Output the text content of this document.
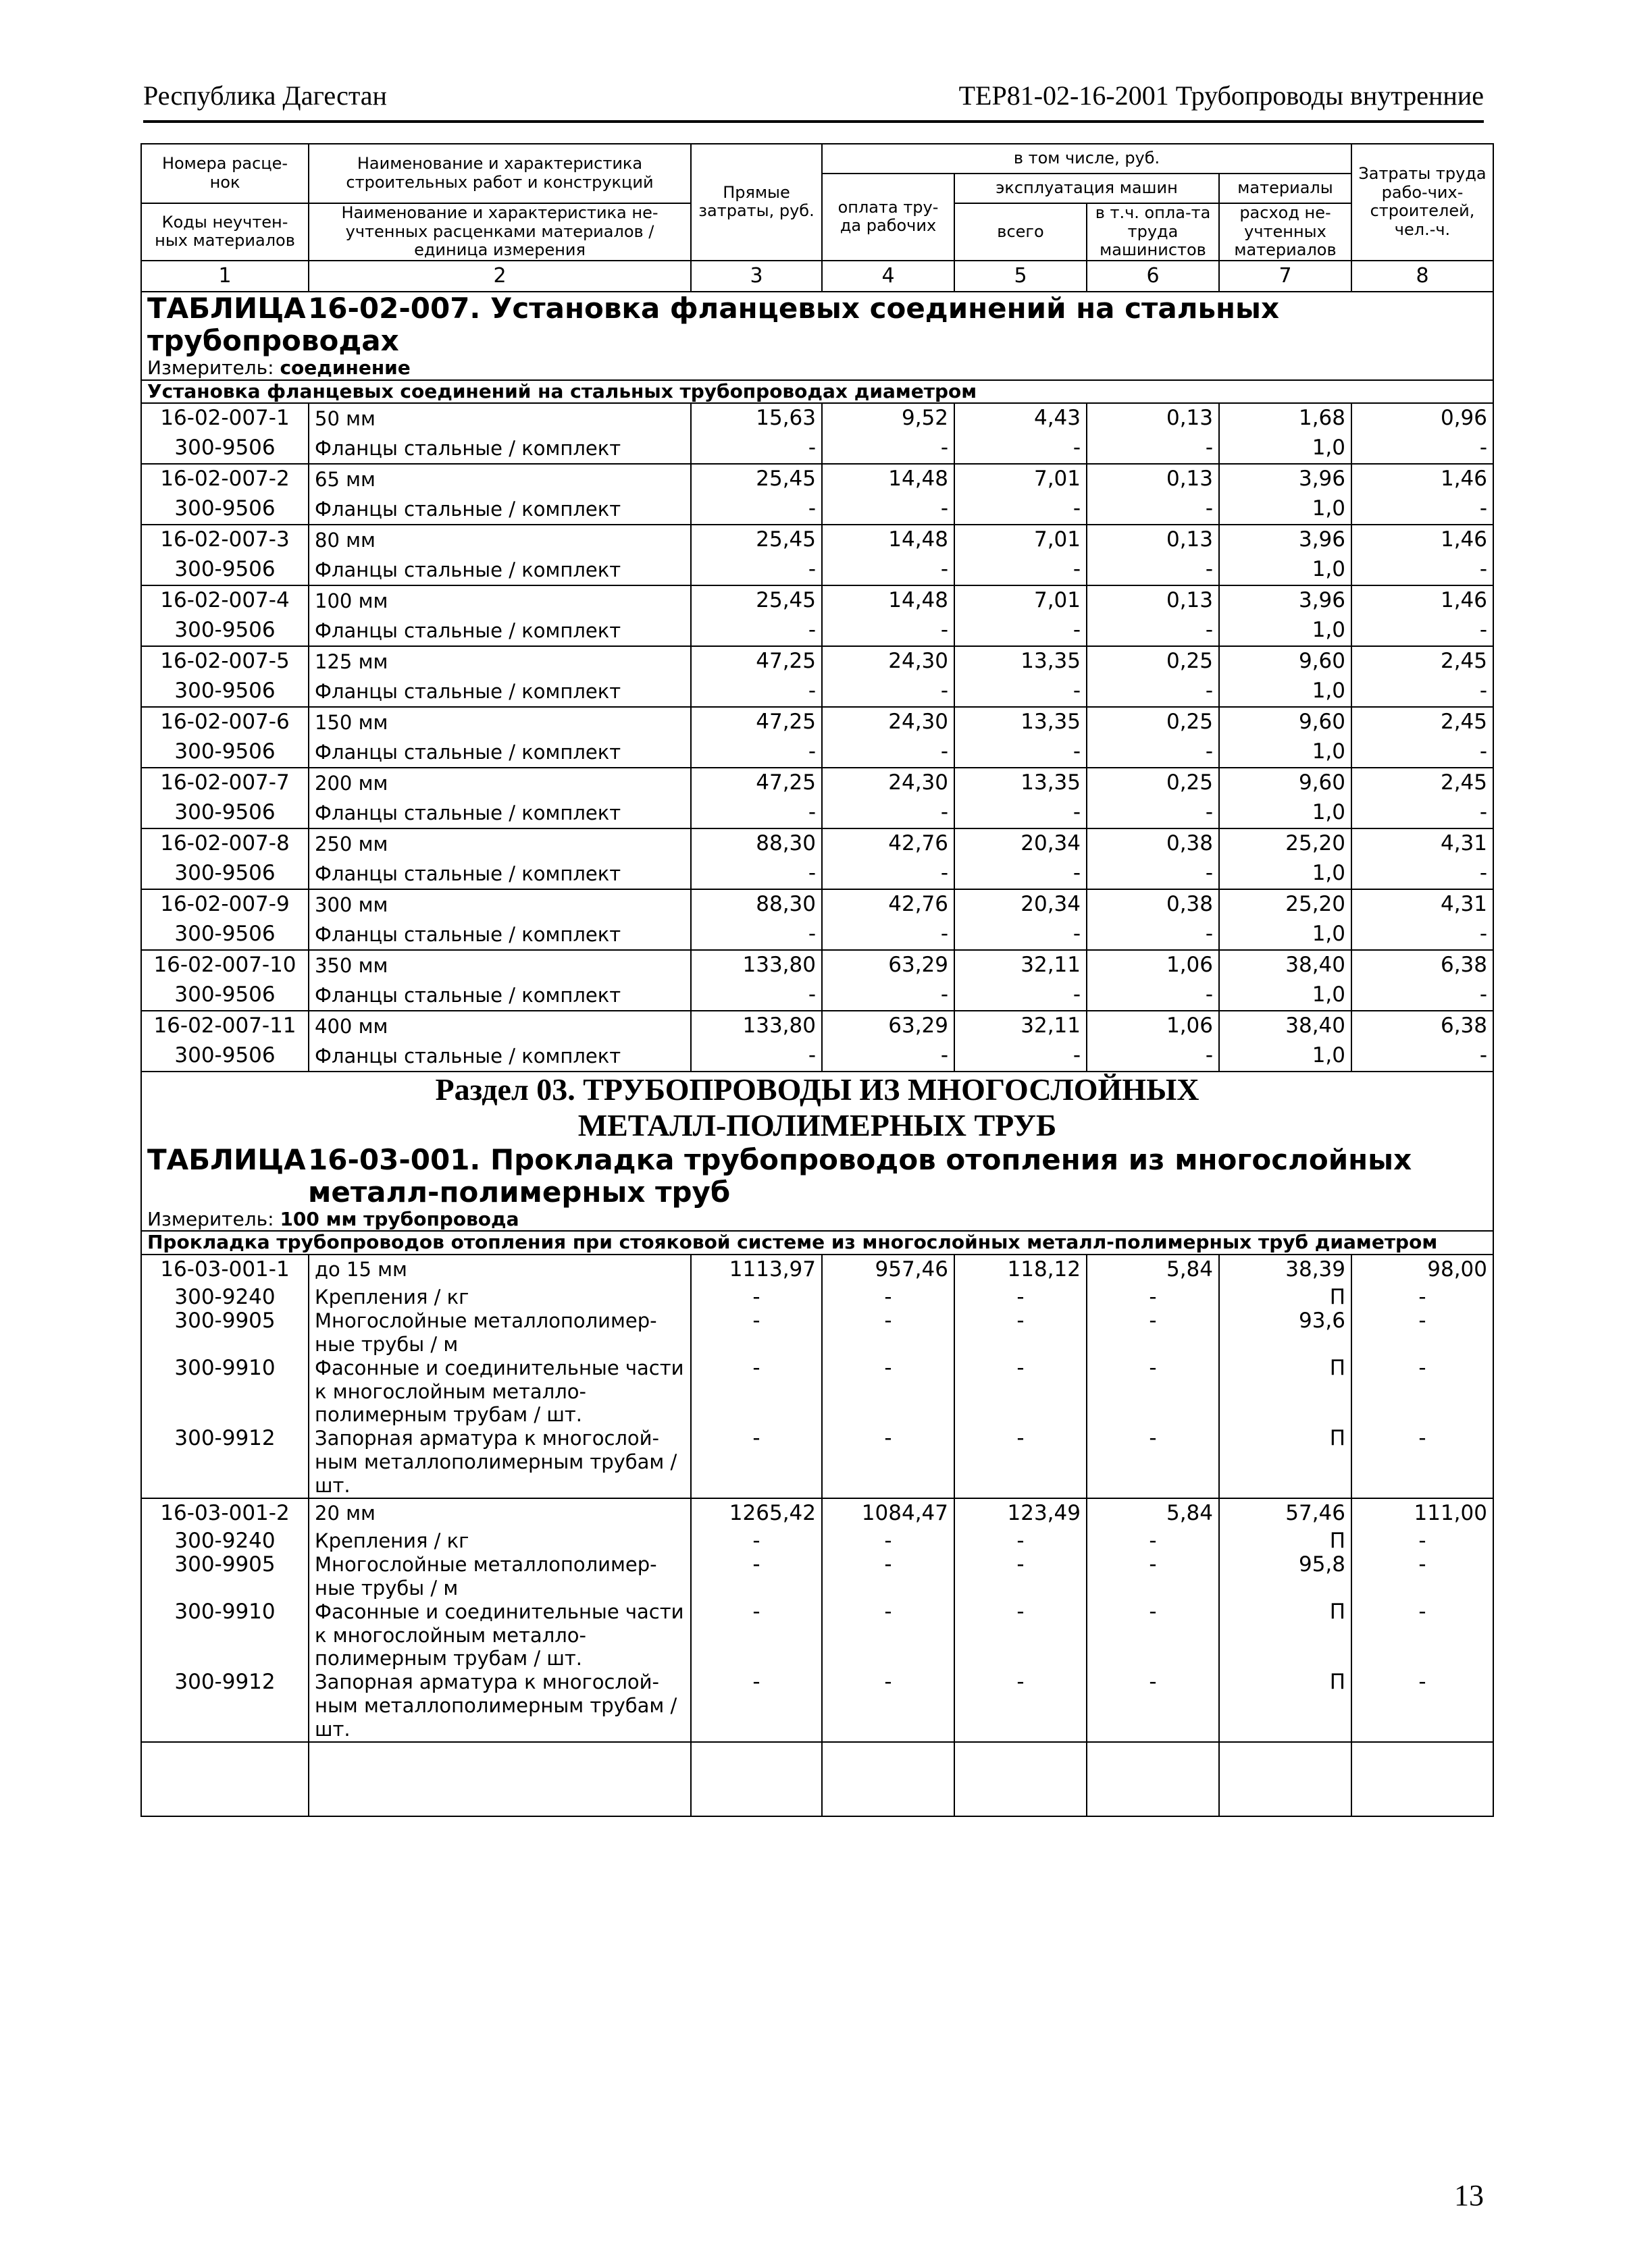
Республика Дагестан	ТЕР81-02-16-2001 Трубопроводы внутренние
Номера расце-нок	Наименование и характеристика строительных работ и конструкций	Прямые затраты, руб.	в том числе, руб.				Затраты труда рабо-чих-строителей, чел.-ч.
			оплата тру-да рабочих	эксплуатация машин		материалы	
Коды неучтен-ных материалов	Наименование и характеристика не-учтенных расценками материалов / единица измерения			всего	в т.ч. опла-та труда машинистов	расход не-учтенных материалов	

1	2	3	4	5	6	7	8
ТАБЛИЦА16-02-007. Установка фланцевых соединений на стальных трубопроводах							
Измеритель: соединение							
Установка фланцевых соединений на стальных трубопроводах диаметром							
16-02-007-1	50 мм	15,63	9,52	4,43	0,13	1,68	0,96
300-9506	Фланцы стальные / комплект	-	-	-	-	1,0	-
16-02-007-2	65 мм	25,45	14,48	7,01	0,13	3,96	1,46
300-9506	Фланцы стальные / комплект	-	-	-	-	1,0	-
16-02-007-3	80 мм	25,45	14,48	7,01	0,13	3,96	1,46
300-9506	Фланцы стальные / комплект	-	-	-	-	1,0	-
16-02-007-4	100 мм	25,45	14,48	7,01	0,13	3,96	1,46
300-9506	Фланцы стальные / комплект	-	-	-	-	1,0	-
16-02-007-5	125 мм	47,25	24,30	13,35	0,25	9,60	2,45
300-9506	Фланцы стальные / комплект	-	-	-	-	1,0	-
16-02-007-6	150 мм	47,25	24,30	13,35	0,25	9,60	2,45
300-9506	Фланцы стальные / комплект	-	-	-	-	1,0	-
16-02-007-7	200 мм	47,25	24,30	13,35	0,25	9,60	2,45
300-9506	Фланцы стальные / комплект	-	-	-	-	1,0	-
16-02-007-8	250 мм	88,30	42,76	20,34	0,38	25,20	4,31
300-9506	Фланцы стальные / комплект	-	-	-	-	1,0	-
16-02-007-9	300 мм	88,30	42,76	20,34	0,38	25,20	4,31
300-9506	Фланцы стальные / комплект	-	-	-	-	1,0	-
16-02-007-10	350 мм	133,80	63,29	32,11	1,06	38,40	6,38
300-9506	Фланцы стальные / комплект	-	-	-	-	1,0	-
16-02-007-11	400 мм	133,80	63,29	32,11	1,06	38,40	6,38
300-9506	Фланцы стальные / комплект	-	-	-	-	1,0	-

Раздел 03. ТРУБОПРОВОДЫ ИЗ МНОГОСЛОЙНЫХ
МЕТАЛЛ-ПОЛИМЕРНЫХ ТРУБ							

ТАБЛИЦА16-03-001. Прокладка трубопроводов отопления из многослойных
металл-полимерных труб							

Измеритель: 100 мм трубопровода							
Прокладка трубопроводов отопления при стояковой системе из многослойных металл-полимерных труб диаметром							
16-03-001-1	до 15 мм	1113,97	957,46	118,12	5,84	38,39	98,00
300-9240	Крепления / кг	-	-	-	-	П	-
300-9905	Многослойные металлополимер-ные трубы / м	-	-	-	-	93,6	-
300-9910	Фасонные и соединительные части к многослойным металло-полимерным трубам / шт.	-	-	-	-	П	-
300-9912	Запорная арматура к многослой-ным металлополимерным трубам / шт.	-	-	-	-	П	-
16-03-001-2	20 мм	1265,42	1084,47	123,49	5,84	57,46	111,00
300-9240	Крепления / кг	-	-	-	-	П	-
300-9905	Многослойные металлополимер-ные трубы / м	-	-	-	-	95,8	-
300-9910	Фасонные и соединительные части к многослойным металло-полимерным трубам / шт.	-	-	-	-	П	-
300-9912	Запорная арматура к многослой-ным металлополимерным трубам / шт.	-	-	-	-	П	-

13
